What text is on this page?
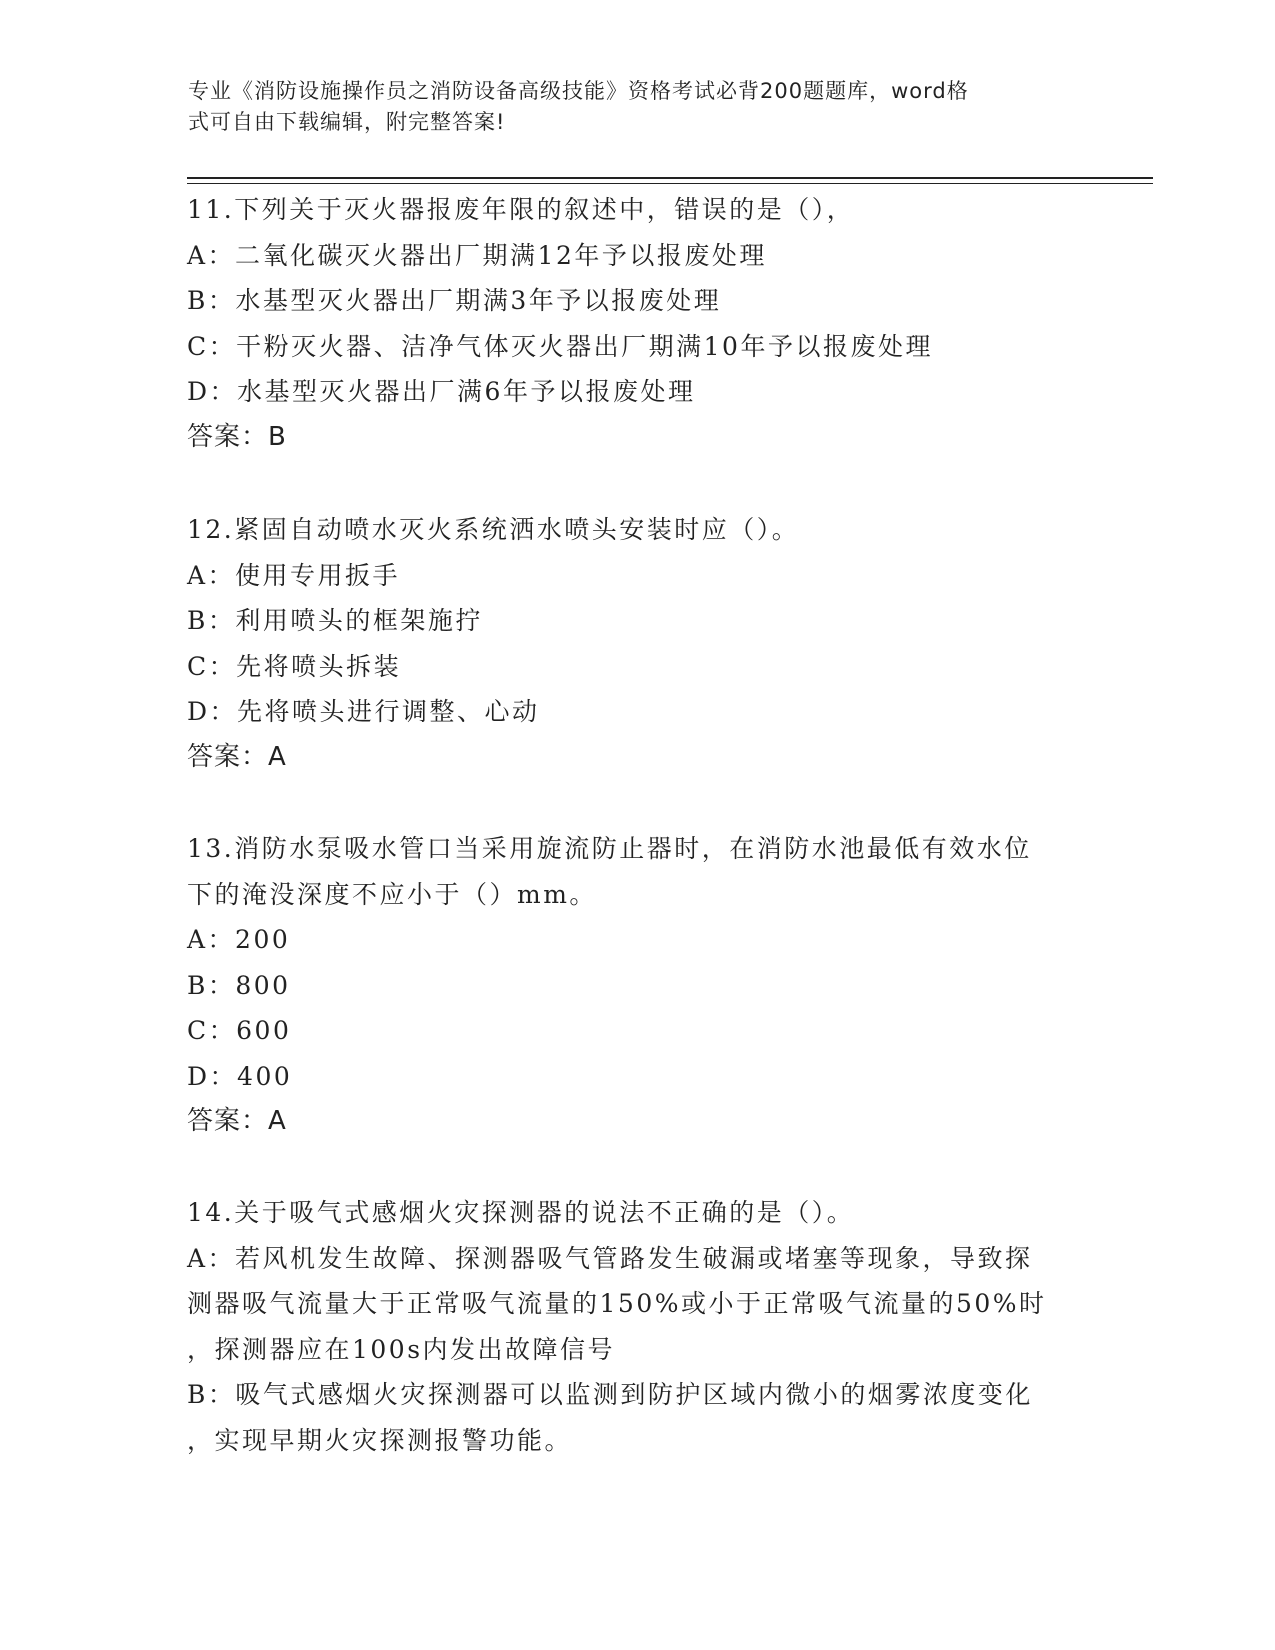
专业《消防设施操作员之消防设备高级技能》资格考试必背200题题库，word格
式可自由下载编辑，附完整答案!
11.下列关于灭火器报废年限的叙述中，错误的是（），
A：二氧化碳灭火器出厂期满12年予以报废处理
B：水基型灭火器出厂期满3年予以报废处理
C：干粉灭火器、洁净气体灭火器出厂期满10年予以报废处理
D：水基型灭火器出厂满6年予以报废处理
答案：B
12.紧固自动喷水灭火系统洒水喷头安装时应（）。
A：使用专用扳手
B：利用喷头的框架施拧
C：先将喷头拆装
D：先将喷头进行调整、心动
答案：A
13.消防水泵吸水管口当采用旋流防止器时，在消防水池最低有效水位
下的淹没深度不应小于（）mm。
A：200
B：800
C：600
D：400
答案：A
14.关于吸气式感烟火灾探测器的说法不正确的是（）。
A：若风机发生故障、探测器吸气管路发生破漏或堵塞等现象，导致探
测器吸气流量大于正常吸气流量的150%或小于正常吸气流量的50%时
，探测器应在100s内发出故障信号
B：吸气式感烟火灾探测器可以监测到防护区域内微小的烟雾浓度变化
，实现早期火灾探测报警功能。
